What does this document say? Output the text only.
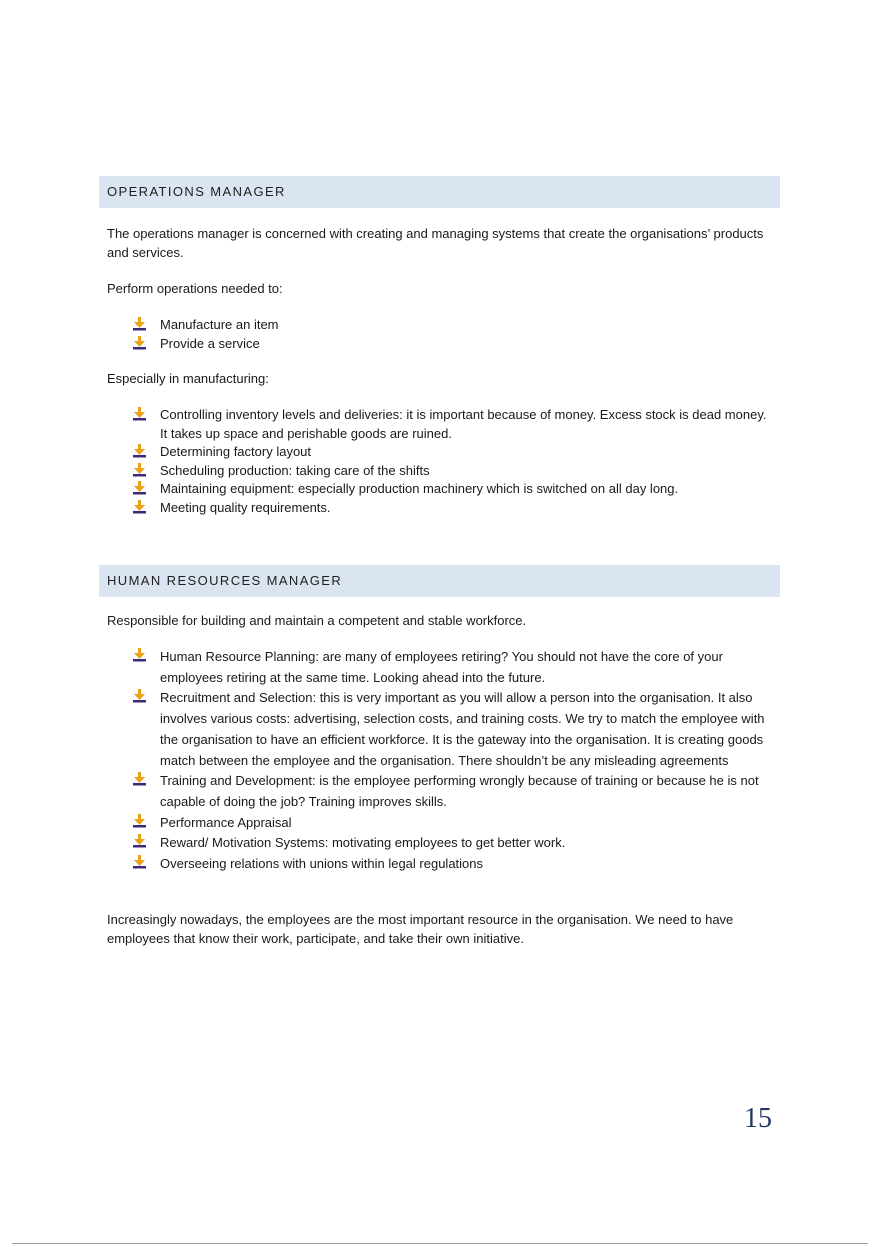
OPERATIONS MANAGER

The operations manager is concerned with creating and managing systems that create the organisations’ products and services.

Perform operations needed to:

Manufacture an item
Provide a service

Especially in manufacturing:

Controlling inventory levels and deliveries: it is important because of money. Excess stock is dead money. It takes up space and perishable goods are ruined.
Determining factory layout
Scheduling production: taking care of the shifts
Maintaining equipment: especially production machinery which is switched on all day long.
Meeting quality requirements.
HUMAN RESOURCES MANAGER

Responsible for building and maintain a competent and stable workforce.

Human Resource Planning: are many of employees retiring? You should not have the core of your employees retiring at the same time. Looking ahead into the future.
Recruitment and Selection: this is very important as you will allow a person into the organisation. It also involves various costs: advertising, selection costs, and training costs. We try to match the employee with the organisation to have an efficient workforce. It is the gateway into the organisation. It is creating goods match between the employee and the organisation. There shouldn’t be any misleading agreements
Training and Development: is the employee performing wrongly because of training or because he is not capable of doing the job? Training improves skills.
Performance Appraisal
Reward/ Motivation Systems: motivating employees to get better work.
Overseeing relations with unions within legal regulations

Increasingly nowadays, the employees are the most important resource in the organisation. We need to have employees that know their work, participate, and take their own initiative.

15
